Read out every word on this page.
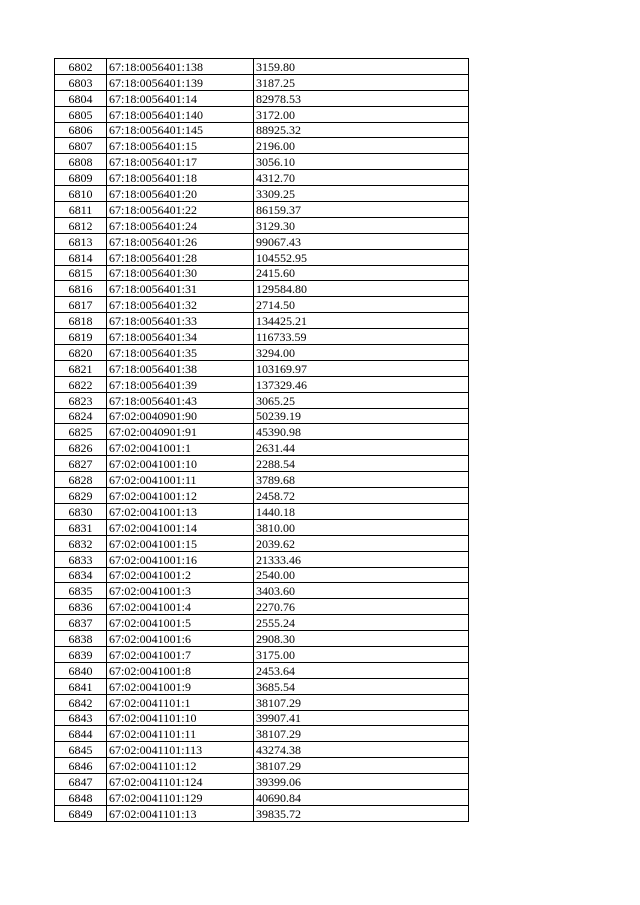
6802	67:18:0056401:138	3159.80
6803	67:18:0056401:139	3187.25
6804	67:18:0056401:14	82978.53
6805	67:18:0056401:140	3172.00
6806	67:18:0056401:145	88925.32
6807	67:18:0056401:15	2196.00
6808	67:18:0056401:17	3056.10
6809	67:18:0056401:18	4312.70
6810	67:18:0056401:20	3309.25
6811	67:18:0056401:22	86159.37
6812	67:18:0056401:24	3129.30
6813	67:18:0056401:26	99067.43
6814	67:18:0056401:28	104552.95
6815	67:18:0056401:30	2415.60
6816	67:18:0056401:31	129584.80
6817	67:18:0056401:32	2714.50
6818	67:18:0056401:33	134425.21
6819	67:18:0056401:34	116733.59
6820	67:18:0056401:35	3294.00
6821	67:18:0056401:38	103169.97
6822	67:18:0056401:39	137329.46
6823	67:18:0056401:43	3065.25
6824	67:02:0040901:90	50239.19
6825	67:02:0040901:91	45390.98
6826	67:02:0041001:1	2631.44
6827	67:02:0041001:10	2288.54
6828	67:02:0041001:11	3789.68
6829	67:02:0041001:12	2458.72
6830	67:02:0041001:13	1440.18
6831	67:02:0041001:14	3810.00
6832	67:02:0041001:15	2039.62
6833	67:02:0041001:16	21333.46
6834	67:02:0041001:2	2540.00
6835	67:02:0041001:3	3403.60
6836	67:02:0041001:4	2270.76
6837	67:02:0041001:5	2555.24
6838	67:02:0041001:6	2908.30
6839	67:02:0041001:7	3175.00
6840	67:02:0041001:8	2453.64
6841	67:02:0041001:9	3685.54
6842	67:02:0041101:1	38107.29
6843	67:02:0041101:10	39907.41
6844	67:02:0041101:11	38107.29
6845	67:02:0041101:113	43274.38
6846	67:02:0041101:12	38107.29
6847	67:02:0041101:124	39399.06
6848	67:02:0041101:129	40690.84
6849	67:02:0041101:13	39835.72
